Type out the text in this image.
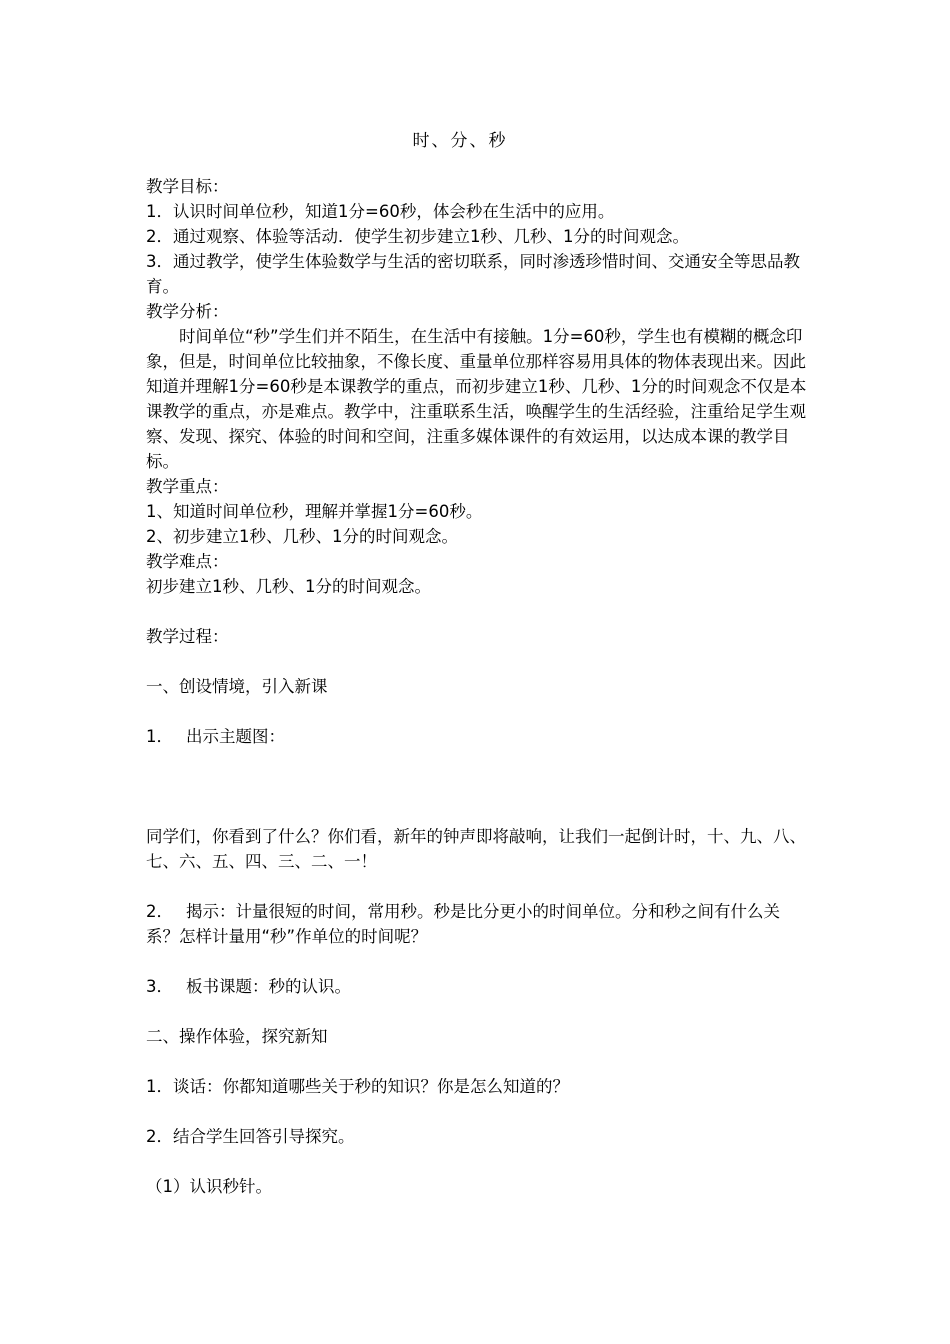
时、分、秒

教学目标：

1．认识时间单位秒，知道1分=60秒，体会秒在生活中的应用。

2．通过观察、体验等活动．使学生初步建立1秒、几秒、1分的时间观念。

3．通过教学，使学生体验数学与生活的密切联系，同时渗透珍惜时间、交通安全等思品教育。

教学分析：

时间单位“秒”学生们并不陌生，在生活中有接触。1分=60秒，学生也有模糊的概念印象，但是，时间单位比较抽象，不像长度、重量单位那样容易用具体的物体表现出来。因此知道并理解1分=60秒是本课教学的重点，而初步建立1秒、几秒、1分的时间观念不仅是本课教学的重点，亦是难点。教学中，注重联系生活，唤醒学生的生活经验，注重给足学生观察、发现、探究、体验的时间和空间，注重多媒体课件的有效运用，以达成本课的教学目标。

教学重点：

1、知道时间单位秒，理解并掌握1分=60秒。

2、初步建立1秒、几秒、1分的时间观念。

教学难点：

初步建立1秒、几秒、1分的时间观念。

教学过程：

一、创设情境，引入新课

1． 出示主题图：

同学们，你看到了什么？你们看，新年的钟声即将敲响，让我们一起倒计时，十、九、八、七、六、五、四、三、二、一！

2． 揭示：计量很短的时间，常用秒。秒是比分更小的时间单位。分和秒之间有什么关系？怎样计量用“秒”作单位的时间呢？

3． 板书课题：秒的认识。

二、操作体验，探究新知

1．谈话：你都知道哪些关于秒的知识？你是怎么知道的？

2．结合学生回答引导探究。

（1）认识秒针。
